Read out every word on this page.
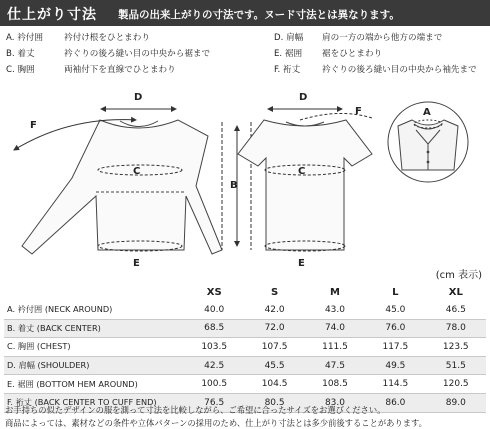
仕上がり寸法 製品の出来上がりの寸法です。ヌード寸法とは異なります。
A. 衿付囲 衿付け根をひとまわり
B. 着丈	衿ぐりの後ろ縫い目の中央から裾まで
C. 胸囲	両袖付下を直線でひとまわり
D. 肩幅 肩の一方の端から他方の端まで
E. 裾囲 裾をひとまわり
F. 裄丈	衿ぐりの後ろ縫い目の中央から袖先まで
D	D
C	C
E	E
B
F
F	A
(cm 表示)
	XS	S	M	L	XL
A. 衿付囲 (NECK AROUND)	40.0	42.0	43.0	45.0	46.5
B. 着丈 (BACK CENTER)	68.5	72.0	74.0	76.0	78.0
C. 胸囲 (CHEST)	103.5	107.5	111.5	117.5	123.5
D. 肩幅 (SHOULDER)	42.5	45.5	47.5	49.5	51.5
E. 裾囲 (BOTTOM HEM AROUND)	100.5	104.5	108.5	114.5	120.5
F. 裄丈 (BACK CENTER TO CUFF END)	76.5	80.5	83.0	86.0	89.0
お手持ちの似たデザインの服を測って寸法を比較しながら、ご希望に合ったサイズをお選びください。
商品によっては、素材などの条件や立体パターンの採用のため、仕上がり寸法とは多少前後することがあります。
